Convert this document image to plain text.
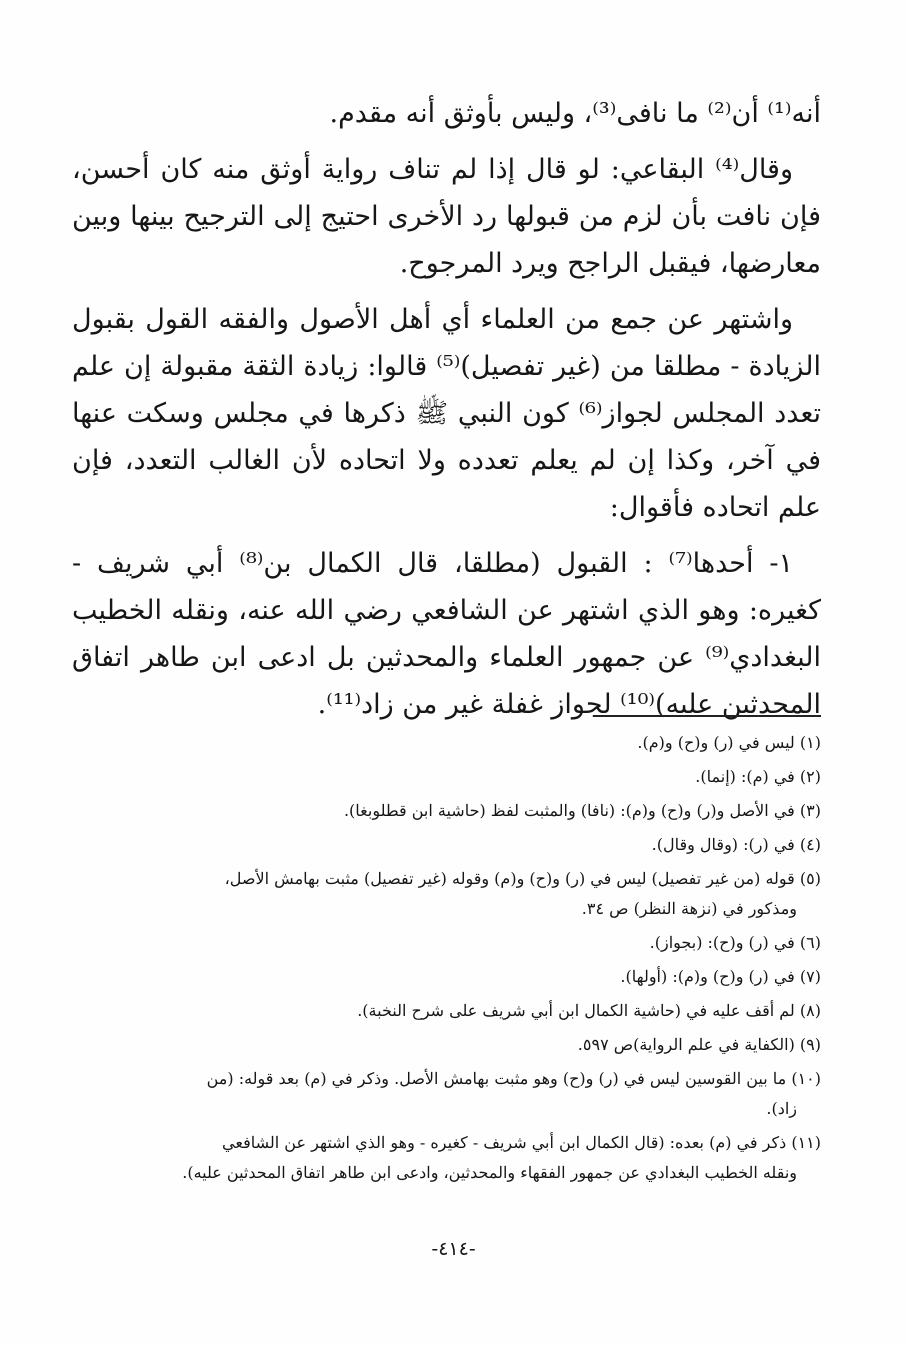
أنه⁽¹⁾ أن⁽²⁾ ما نافى⁽³⁾، وليس بأوثق أنه مقدم.

وقال⁽⁴⁾ البقاعي: لو قال إذا لم تناف رواية أوثق منه كان أحسن، فإن نافت بأن لزم من قبولها رد الأخرى احتيج إلى الترجيح بينها وبين معارضها، فيقبل الراجح ويرد المرجوح.

واشتهر عن جمع من العلماء أي أهل الأصول والفقه القول بقبول الزيادة - مطلقا من (غير تفصيل)⁽⁵⁾ قالوا: زيادة الثقة مقبولة إن علم تعدد المجلس لجواز⁽⁶⁾ كون النبي ﷺ ذكرها في مجلس وسكت عنها في آخر، وكذا إن لم يعلم تعدده ولا اتحاده لأن الغالب التعدد، فإن علم اتحاده فأقوال:

١- أحدها⁽⁷⁾ : القبول (مطلقا، قال الكمال بن⁽⁸⁾ أبي شريف - كغيره: وهو الذي اشتهر عن الشافعي رضي الله عنه، ونقله الخطيب البغدادي⁽⁹⁾ عن جمهور العلماء والمحدثين بل ادعى ابن طاهر اتفاق المحدثين عليه)⁽¹⁰⁾ لجواز غفلة غير من زاد⁽¹¹⁾.

(١) ليس في (ر) و(ح) و(م).
(٢) في (م): (إنما).
(٣) في الأصل و(ر) و(ح) و(م): (نافا) والمثبت لفظ (حاشية ابن قطلوبغا).
(٤) في (ر): (وقال وقال).
(٥) قوله (من غير تفصيل) ليس في (ر) و(ح) و(م) وقوله (غير تفصيل) مثبت بهامش الأصل،
ومذكور في (نزهة النظر) ص ٣٤.
(٦) في (ر) و(ح): (بجواز).
(٧) في (ر) و(ح) و(م): (أولها).
(٨) لم أقف عليه في (حاشية الكمال ابن أبي شريف على شرح النخبة).
(٩) (الكفاية في علم الرواية)ص ٥٩٧.
(١٠) ما بين القوسين ليس في (ر) و(ح) وهو مثبت بهامش الأصل. وذكر في (م) بعد قوله: (من
زاد).
(١١) ذكر في (م) بعده: (قال الكمال ابن أبي شريف - كغيره - وهو الذي اشتهر عن الشافعي
ونقله الخطيب البغدادي عن جمهور الفقهاء والمحدثين، وادعى ابن طاهر اتفاق المحدثين عليه).
-٤١٤-
